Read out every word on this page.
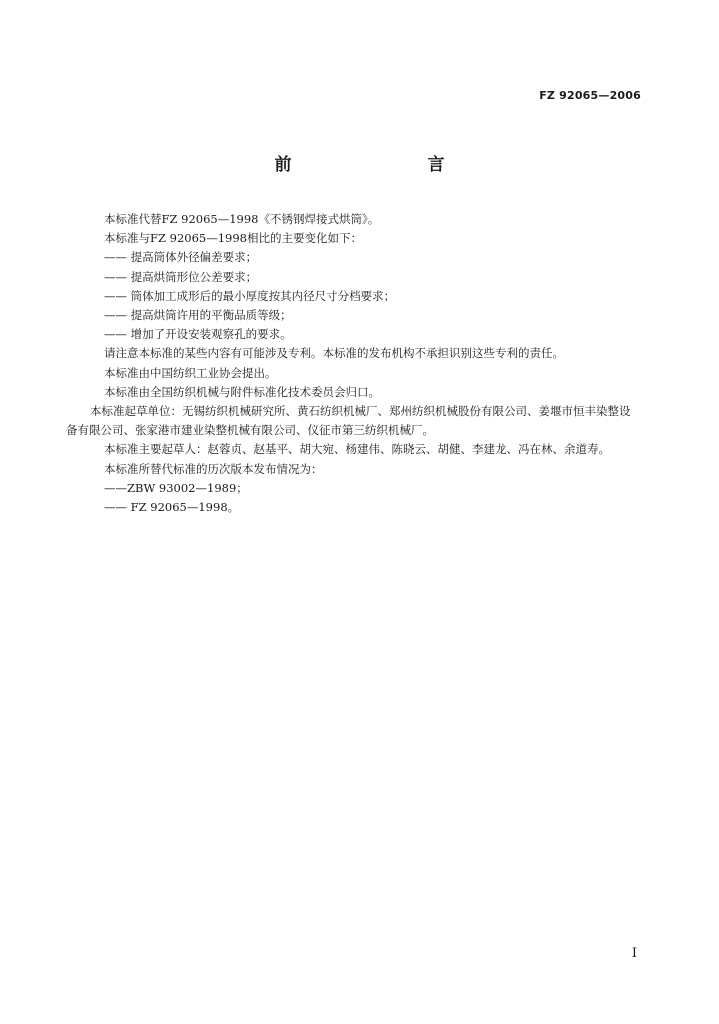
FZ 92065—2006
前　　言

本标准代替FZ 92065—1998《不锈钢焊接式烘筒》。

本标准与FZ 92065—1998相比的主要变化如下：

—— 提高筒体外径偏差要求；

—— 提高烘筒形位公差要求；

—— 筒体加工成形后的最小厚度按其内径尺寸分档要求；

—— 提高烘筒许用的平衡品质等级；

—— 增加了开设安装观察孔的要求。

请注意本标准的某些内容有可能涉及专利。本标准的发布机构不承担识别这些专利的责任。

本标准由中国纺织工业协会提出。

本标准由全国纺织机械与附件标准化技术委员会归口。

本标准起草单位：无锡纺织机械研究所、黄石纺织机械厂、郑州纺织机械股份有限公司、姜堰市恒丰染整设备有限公司、张家港市建业染整机械有限公司、仪征市第三纺织机械厂。

本标准主要起草人：赵蓉贞、赵基平、胡大宛、杨建伟、陈晓云、胡健、李建龙、冯在林、余道寿。

本标准所替代标准的历次版本发布情况为：

——ZBW 93002—1989；

—— FZ 92065—1998。

I
